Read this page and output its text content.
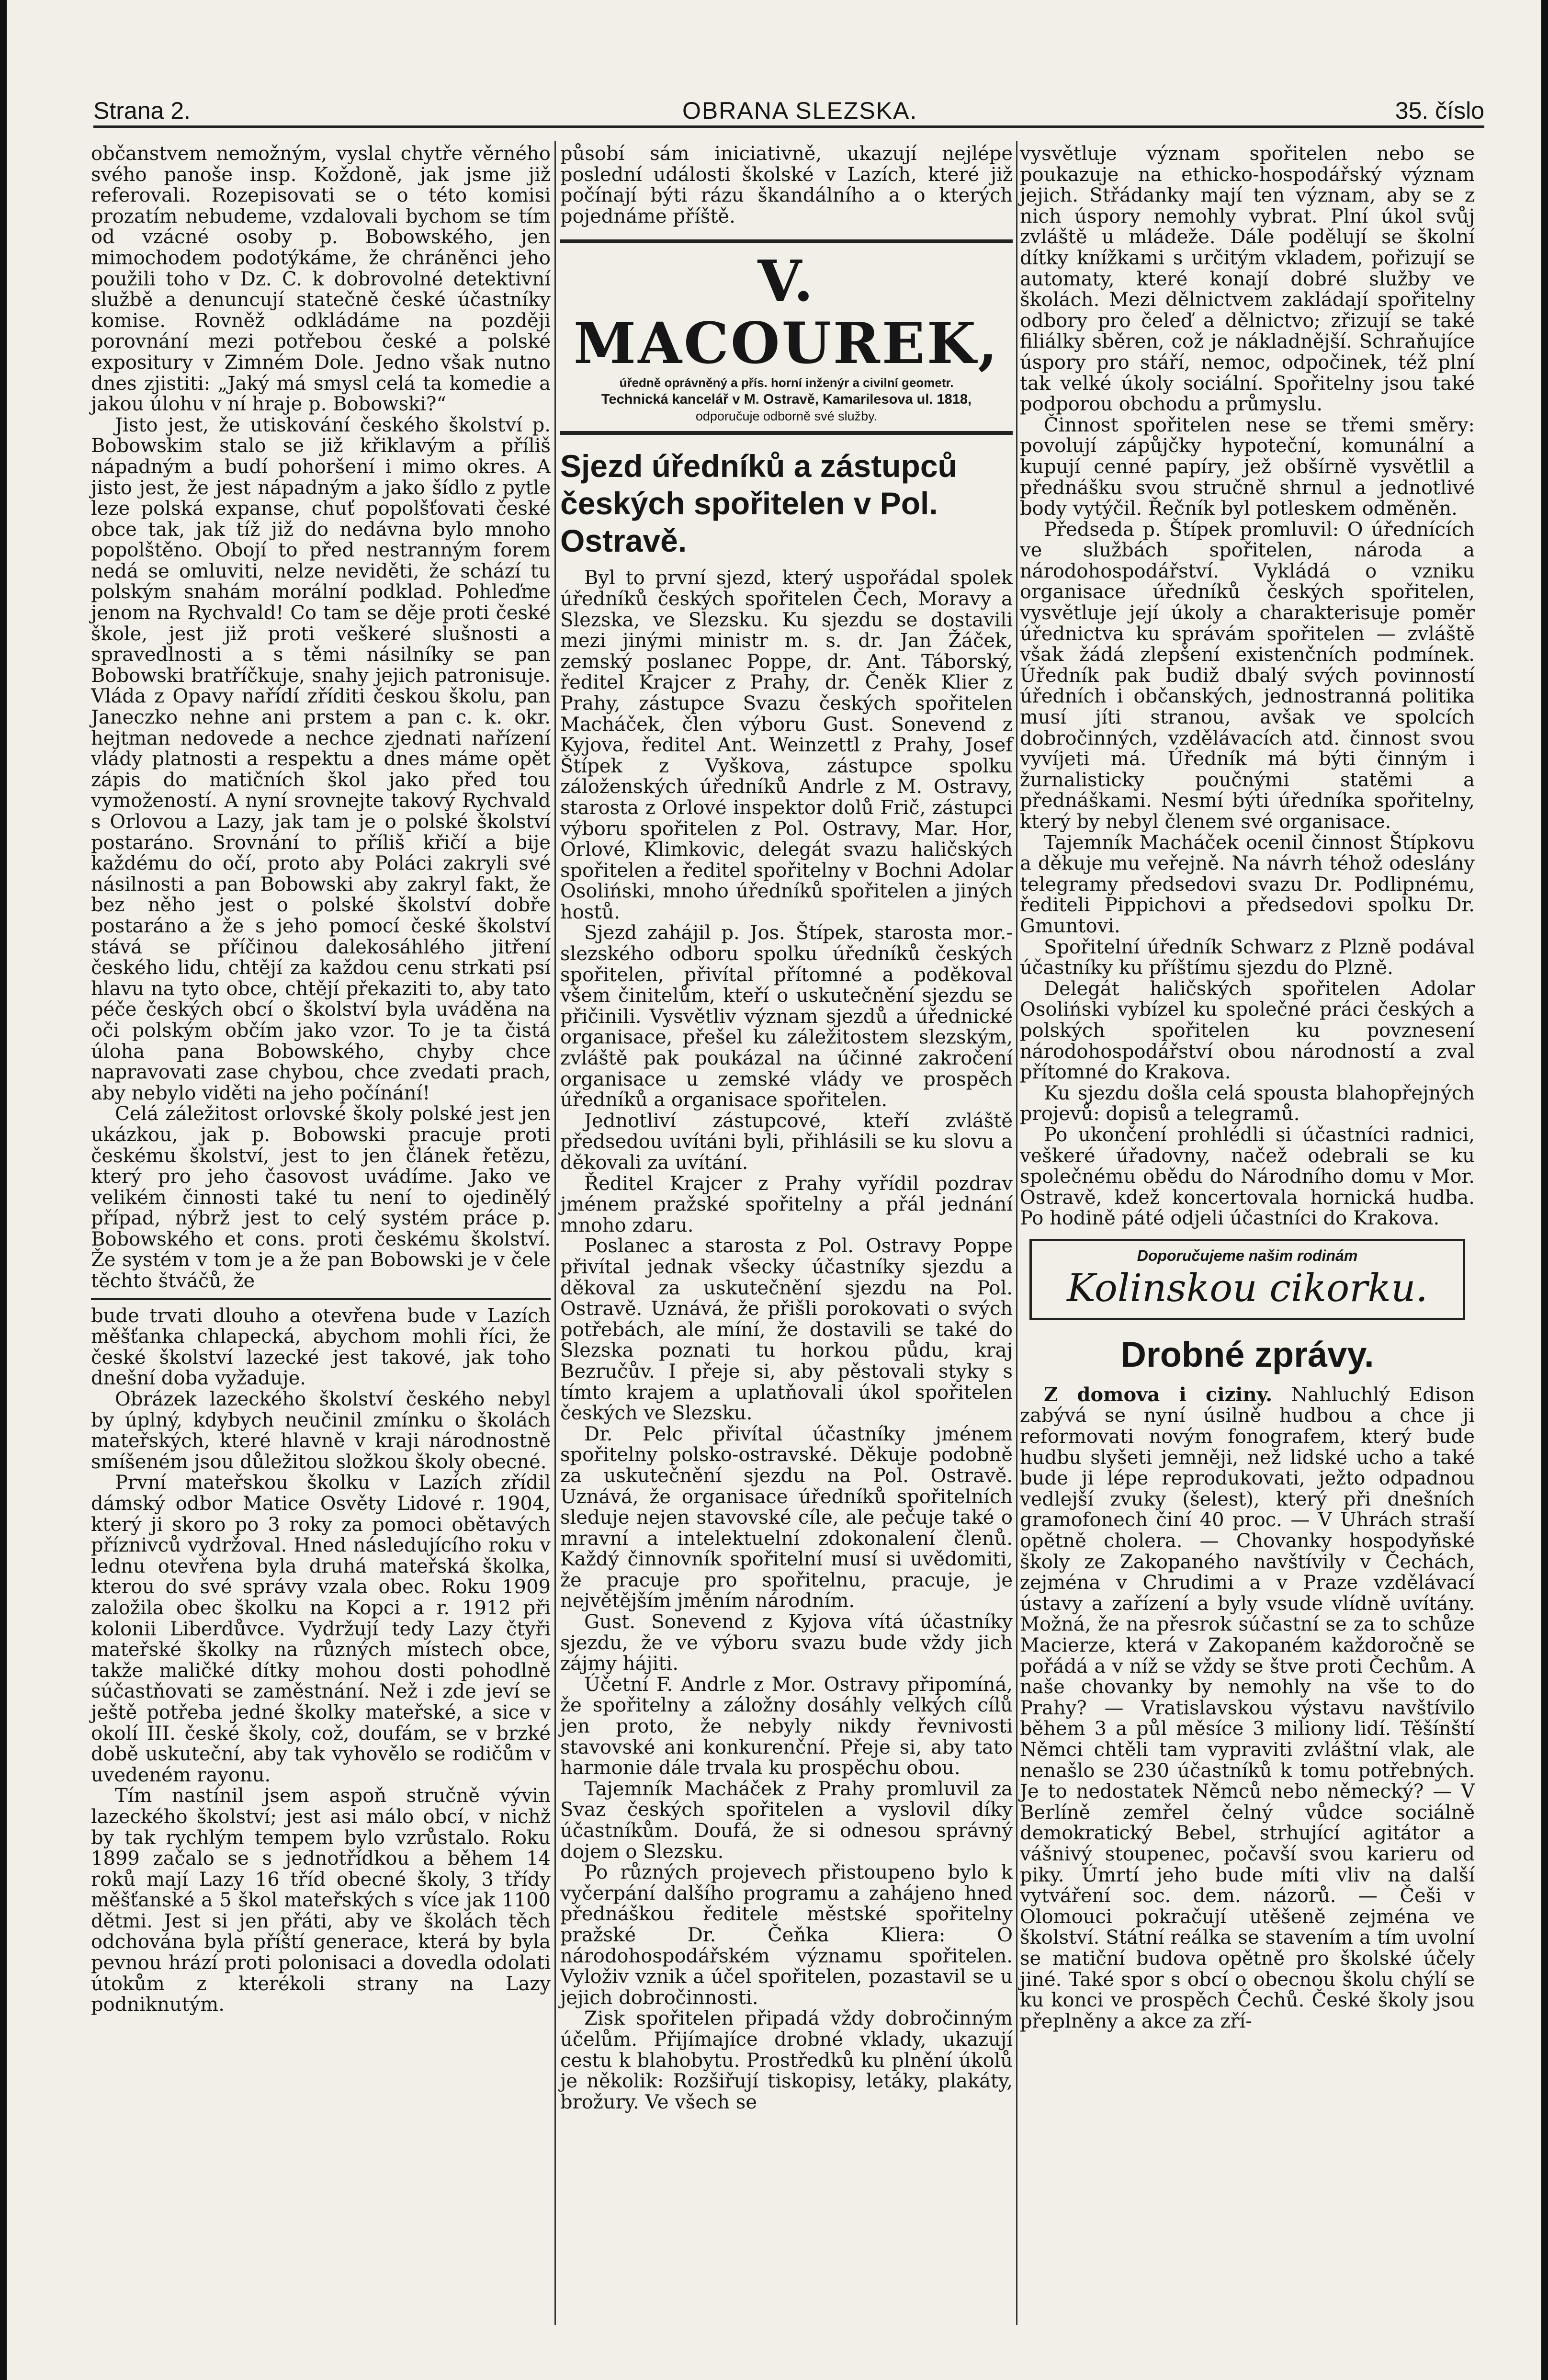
Strana 2.	OBRANA SLEZSKA.	35. číslo

občanstvem nemožným, vyslal chytře věrného svého panoše insp. Koždoně, jak jsme již referovali. Rozepisovati se o této komisi prozatím nebudeme, vzdalovali bychom se tím od vzácné osoby p. Bobowského, jen mimochodem podotýkáme, že chráněnci jeho použili toho v Dz. C. k dobrovolné detektivní službě a denuncují statečně české účastníky komise. Rovněž odkládáme na později porovnání mezi potřebou české a polské expositury v Zimném Dole. Jedno však nutno dnes zjistiti: „Jaký má smysl celá ta komedie a jakou úlohu v ní hraje p. Bobowski?“

Jisto jest, že utiskování českého školství p. Bobowskim stalo se již křiklavým a příliš nápadným a budí pohoršení i mimo okres. A jisto jest, že jest nápadným a jako šídlo z pytle leze polská expanse, chuť popolšťovati české obce tak, jak tíž již do nedávna bylo mnoho popolštěno. Obojí to před nestranným forem nedá se omluviti, nelze neviděti, že schází tu polským snahám morální podklad. Pohleďme jenom na Rychvald! Co tam se děje proti české škole, jest již proti veškeré slušnosti a spravedlnosti a s těmi násilníky se pan Bobowski bratříčkuje, snahy jejich patronisuje. Vláda z Opavy nařídí zříditi českou školu, pan Janeczko nehne ani prstem a pan c. k. okr. hejtman nedovede a nechce zjednati nařízení vlády platnosti a respektu a dnes máme opět zápis do matičních škol jako před tou vymožeností. A nyní srovnejte takový Rychvald s Orlovou a Lazy, jak tam je o polské školství postaráno. Srovnání to příliš křičí a bije každému do očí, proto aby Poláci zakryli své násilnosti a pan Bobowski aby zakryl fakt, že bez něho jest o polské školství dobře postaráno a že s jeho pomocí české školství stává se příčinou dalekosáhlého jitření českého lidu, chtějí za každou cenu strkati psí hlavu na tyto obce, chtějí překaziti to, aby tato péče českých obcí o školství byla uváděna na oči polským občím jako vzor. To je ta čistá úloha pana Bobowského, chyby chce napravovati zase chybou, chce zvedati prach, aby nebylo viděti na jeho počínání!

Celá záležitost orlovské školy polské jest jen ukázkou, jak p. Bobowski pracuje proti českému školství, jest to jen článek řetězu, který pro jeho časovost uvádíme. Jako ve velikém činnosti také tu není to ojedinělý případ, nýbrž jest to celý systém práce p. Bobowského et cons. proti českému školství. Že systém v tom je a že pan Bobowski je v čele těchto štváčů, že

bude trvati dlouho a otevřena bude v Lazích měšťanka chlapecká, abychom mohli říci, že české školství lazecké jest takové, jak toho dnešní doba vyžaduje.

Obrázek lazeckého školství českého nebyl by úplný, kdybych neučinil zmínku o školách mateřských, které hlavně v kraji národnostně smíšeném jsou důležitou složkou školy obecné.

První mateřskou školku v Lazích zřídil dámský odbor Matice Osvěty Lidové r. 1904, který ji skoro po 3 roky za pomoci obětavých příznivců vydržoval. Hned následujícího roku v lednu otevřena byla druhá mateřská školka, kterou do své správy vzala obec. Roku 1909 založila obec školku na Kopci a r. 1912 při kolonii Liberdůvce. Vydržují tedy Lazy čtyři mateřské školky na různých místech obce, takže maličké dítky mohou dosti pohodlně súčastňovati se zaměstnání. Než i zde jeví se ještě potřeba jedné školky mateřské, a sice v okolí III. české školy, což, doufám, se v brzké době uskuteční, aby tak vyhovělo se rodičům v uvedeném rayonu.

Tím nastínil jsem aspoň stručně vývin lazeckého školství; jest asi málo obcí, v nichž by tak rychlým tempem bylo vzrůstalo. Roku 1899 začalo se s jednotřídkou a během 14 roků mají Lazy 16 tříd obecné školy, 3 třídy měšťanské a 5 škol mateřských s více jak 1100 dětmi. Jest si jen přáti, aby ve školách těch odchována byla příští generace, která by byla pevnou hrází proti polonisaci a dovedla odolati útokům z kterékoli strany na Lazy podniknutým.

působí sám iniciativně, ukazují nejlépe poslední události školské v Lazích, které již počínají býti rázu škandálního a o kterých pojednáme příště.

V. MACOUREK,
úředně oprávněný a přís. horní inženýr a civilní geometr.
Technická kancelář v M. Ostravě, Kamarilesova ul. 1818,
odporučuje odborně své služby.
Sjezd úředníků a zástupců českých spořitelen v Pol. Ostravě.

Byl to první sjezd, který uspořádal spolek úředníků českých spořitelen Čech, Moravy a Slezska, ve Slezsku. Ku sjezdu se dostavili mezi jinými ministr m. s. dr. Jan Žáček, zemský poslanec Poppe, dr. Ant. Táborský, ředitel Krajcer z Prahy, dr. Čeněk Klier z Prahy, zástupce Svazu českých spořitelen Macháček, člen výboru Gust. Sonevend z Kyjova, ředitel Ant. Weinzettl z Prahy, Josef Štípek z Vyškova, zástupce spolku záloženských úředníků Andrle z M. Ostravy, starosta z Orlové inspektor dolů Frič, zástupci výboru spořitelen z Pol. Ostravy, Mar. Hor, Orlové, Klimkovic, delegát svazu haličských spořitelen a ředitel spořitelny v Bochni Adolar Osoliński, mnoho úředníků spořitelen a jiných hostů.

Sjezd zahájil p. Jos. Štípek, starosta mor.-slezského odboru spolku úředníků českých spořitelen, přivítal přítomné a poděkoval všem činitelům, kteří o uskutečnění sjezdu se přičinili. Vysvětliv význam sjezdů a úřednické organisace, přešel ku záležitostem slezským, zvláště pak poukázal na účinné zakročení organisace u zemské vlády ve prospěch úředníků a organisace spořitelen.

Jednotliví zástupcové, kteří zvláště předsedou uvítáni byli, přihlásili se ku slovu a děkovali za uvítání.

Ředitel Krajcer z Prahy vyřídil pozdrav jménem pražské spořitelny a přál jednání mnoho zdaru.

Poslanec a starosta z Pol. Ostravy Poppe přivítal jednak všecky účastníky sjezdu a děkoval za uskutečnění sjezdu na Pol. Ostravě. Uznává, že přišli porokovati o svých potřebách, ale míní, že dostavili se také do Slezska poznati tu horkou půdu, kraj Bezručův. I přeje si, aby pěstovali styky s tímto krajem a uplatňovali úkol spořitelen českých ve Slezsku.

Dr. Pelc přivítal účastníky jménem spořitelny polsko-ostravské. Děkuje podobně za uskutečnění sjezdu na Pol. Ostravě. Uznává, že organisace úředníků spořitelních sleduje nejen stavovské cíle, ale pečuje také o mravní a intelektuelní zdokonalení členů. Každý činnovník spořitelní musí si uvědomiti, že pracuje pro spořitelnu, pracuje, je největějším jměním národním.

Gust. Sonevend z Kyjova vítá účastníky sjezdu, že ve výboru svazu bude vždy jich zájmy hájiti.

Účetní F. Andrle z Mor. Ostravy připomíná, že spořitelny a záložny dosáhly velkých cílů jen proto, že nebyly nikdy řevnivosti stavovské ani konkurenční. Přeje si, aby tato harmonie dále trvala ku prospěchu obou.

Tajemník Macháček z Prahy promluvil za Svaz českých spořitelen a vyslovil díky účastníkům. Doufá, že si odnesou správný dojem o Slezsku.

Po různých projevech přistoupeno bylo k vyčerpání dalšího programu a zahájeno hned přednáškou ředitele městské spořitelny pražské Dr. Čeňka Kliera: O národohospodářském významu spořitelen. Vyloživ vznik a účel spořitelen, pozastavil se u jejich dobročinnosti.

Zisk spořitelen připadá vždy dobročinným účelům. Přijímajíce drobné vklady, ukazují cestu k blahobytu. Prostředků ku plnění úkolů je několik: Rozšiřují tiskopisy, letáky, plakáty, brožury. Ve všech se

vysvětluje význam spořitelen nebo se poukazuje na ethicko-hospodářský význam jejich. Střádanky mají ten význam, aby se z nich úspory nemohly vybrat. Plní úkol svůj zvláště u mládeže. Dále podělují se školní dítky knížkami s určitým vkladem, pořizují se automaty, které konají dobré služby ve školách. Mezi dělnictvem zakládají spořitelny odbory pro čeleď a dělnictvo; zřizují se také filiálky sběren, což je nákladnější. Schraňujíce úspory pro stáří, nemoc, odpočinek, též plní tak velké úkoly sociální. Spořitelny jsou také podporou obchodu a průmyslu.

Činnost spořitelen nese se třemi směry: povolují zápůjčky hypoteční, komunální a kupují cenné papíry, jež obšírně vysvětlil a přednášku svou stručně shrnul a jednotlivé body vytýčil. Řečník byl potleskem odměněn.

Předseda p. Štípek promluvil: O úřednících ve službách spořitelen, národa a národohospodářství. Vykládá o vzniku organisace úředníků českých spořitelen, vysvětluje její úkoly a charakterisuje poměr úřednictva ku správám spořitelen — zvláště však žádá zlepšení existenčních podmínek. Úředník pak budiž dbalý svých povinností úředních i občanských, jednostranná politika musí jíti stranou, avšak ve spolcích dobročinných, vzdělávacích atd. činnost svou vyvíjeti má. Úředník má býti činným i žurnalisticky poučnými statěmi a přednáškami. Nesmí býti úředníka spořitelny, který by nebyl členem své organisace.

Tajemník Macháček ocenil činnost Štípkovu a děkuje mu veřejně. Na návrh téhož odeslány telegramy předsedovi svazu Dr. Podlipnému, řediteli Pippichovi a předsedovi spolku Dr. Gmuntovi.

Spořitelní úředník Schwarz z Plzně podával účastníky ku příštímu sjezdu do Plzně.

Delegát haličských spořitelen Adolar Osoliński vybízel ku společné práci českých a polských spořitelen ku povznesení národohospodářství obou národností a zval přítomné do Krakova.

Ku sjezdu došla celá spousta blahopřejných projevů: dopisů a telegramů.

Po ukončení prohlédli si účastníci radnici, veškeré úřadovny, načež odebrali se ku společnému obědu do Národního domu v Mor. Ostravě, kdež koncertovala hornická hudba. Po hodině páté odjeli účastníci do Krakova.

Doporučujeme našim rodinám
Kolinskou cikorku.
Drobné zprávy.

Z domova i ciziny. Nahluchlý Edison zabývá se nyní úsilně hudbou a chce ji reformovati novým fonografem, který bude hudbu slyšeti jemněji, než lidské ucho a také bude ji lépe reprodukovati, ježto odpadnou vedlejší zvuky (šelest), který při dnešních gramofonech činí 40 proc. — V Uhrách straší opětně cholera. — Chovanky hospodyňské školy ze Zakopaného navštívily v Čechách, zejména v Chrudimi a v Praze vzdělávací ústavy a zařízení a byly vsude vlídně uvítány. Možná, že na přesrok súčastní se za to schůze Macierze, která v Zakopaném každoročně se pořádá a v níž se vždy se štve proti Čechům. A naše chovanky by nemohly na vše to do Prahy? — Vratislavskou výstavu navštívilo během 3 a půl měsíce 3 miliony lidí. Těšínští Němci chtěli tam vypraviti zvláštní vlak, ale nenašlo se 230 účastníků k tomu potřebných. Je to nedostatek Němců nebo německý? — V Berlíně zemřel čelný vůdce sociálně demokratický Bebel, strhující agitátor a vášnivý stoupenec, počavší svou karieru od piky. Úmrtí jeho bude míti vliv na další vytváření soc. dem. názorů. — Češi v Olomouci pokračují utěšeně zejména ve školství. Státní reálka se stavením a tím uvolní se matiční budova opětně pro školské účely jiné. Také spor s obcí o obecnou školu chýlí se ku konci ve prospěch Čechů. České školy jsou přeplněny a akce za zří-
